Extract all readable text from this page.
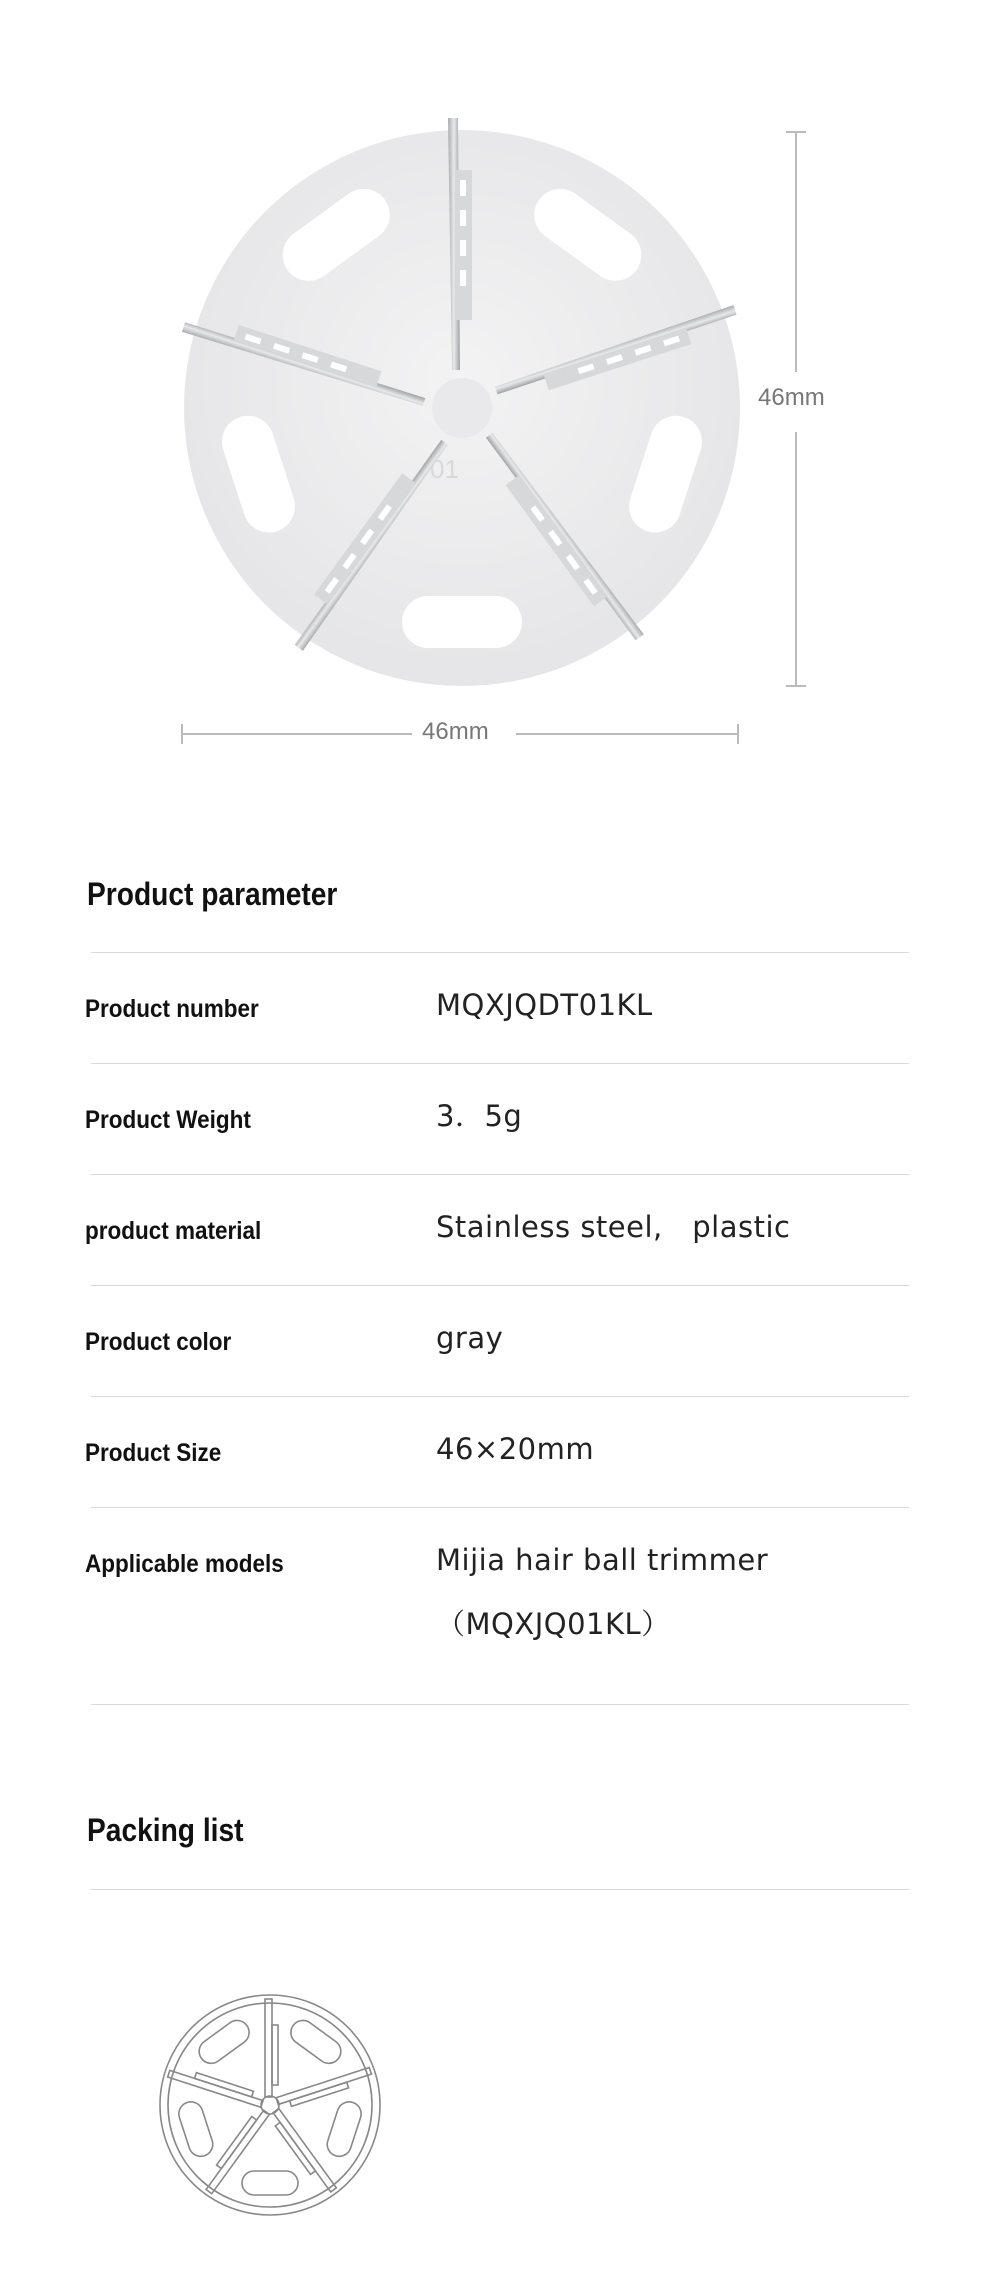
01
46mm
46mm
Product parameter
Product number	MQXJQDT01KL
Product Weight	3．5g
product material	Stainless steel,　plastic
Product color	gray
Product Size	46×20mm
Applicable models	Mijia hair ball trimmer
（MQXJQ01KL）
Packing list
